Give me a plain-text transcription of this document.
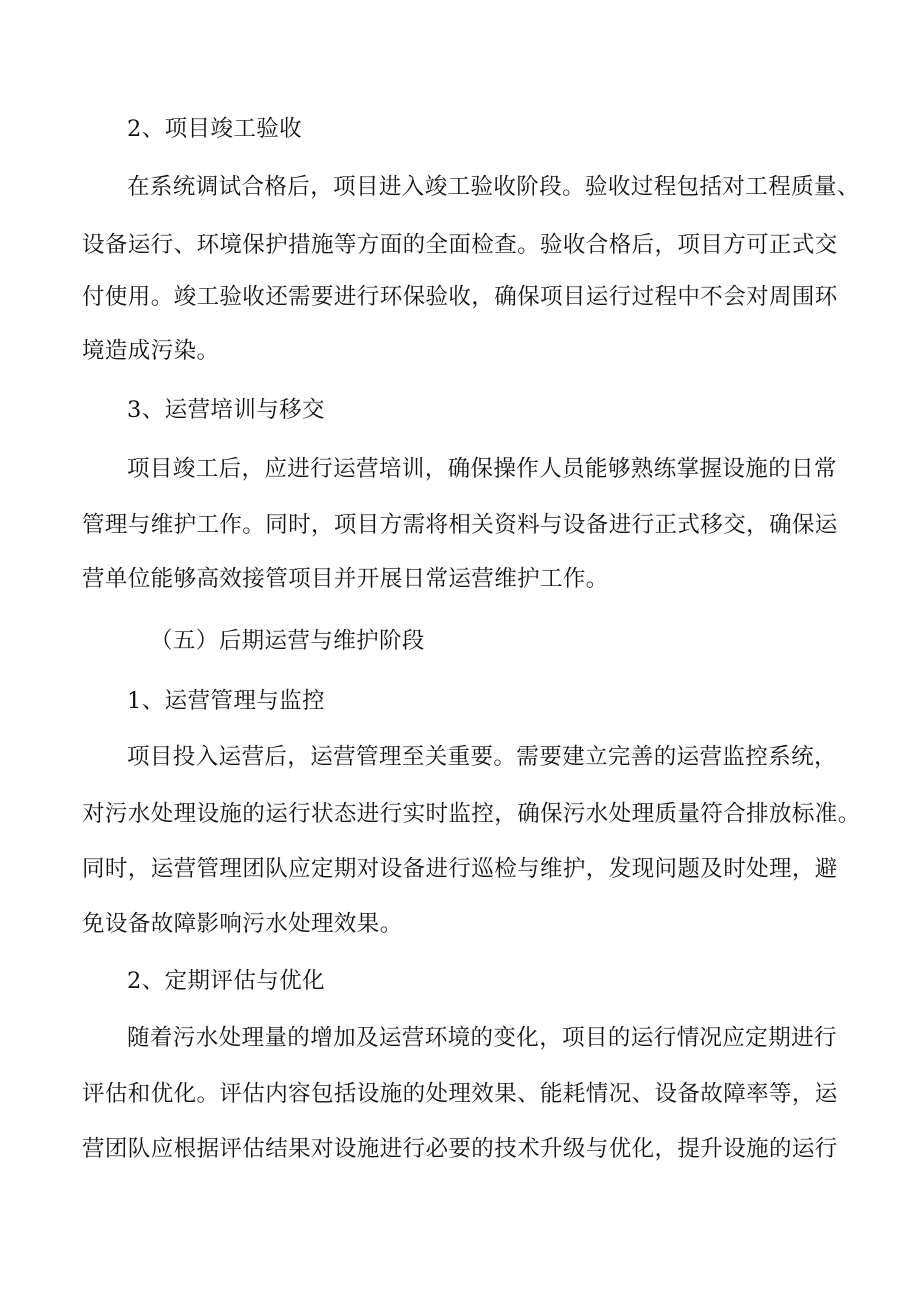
2、项目竣工验收
在系统调试合格后，项目进入竣工验收阶段。验收过程包括对工程质量、
设备运行、环境保护措施等方面的全面检查。验收合格后，项目方可正式交
付使用。竣工验收还需要进行环保验收，确保项目运行过程中不会对周围环
境造成污染。
3、运营培训与移交
项目竣工后，应进行运营培训，确保操作人员能够熟练掌握设施的日常
管理与维护工作。同时，项目方需将相关资料与设备进行正式移交，确保运
营单位能够高效接管项目并开展日常运营维护工作。
（五）后期运营与维护阶段
1、运营管理与监控
项目投入运营后，运营管理至关重要。需要建立完善的运营监控系统，
对污水处理设施的运行状态进行实时监控，确保污水处理质量符合排放标准。
同时，运营管理团队应定期对设备进行巡检与维护，发现问题及时处理，避
免设备故障影响污水处理效果。
2、定期评估与优化
随着污水处理量的增加及运营环境的变化，项目的运行情况应定期进行
评估和优化。评估内容包括设施的处理效果、能耗情况、设备故障率等，运
营团队应根据评估结果对设施进行必要的技术升级与优化，提升设施的运行
